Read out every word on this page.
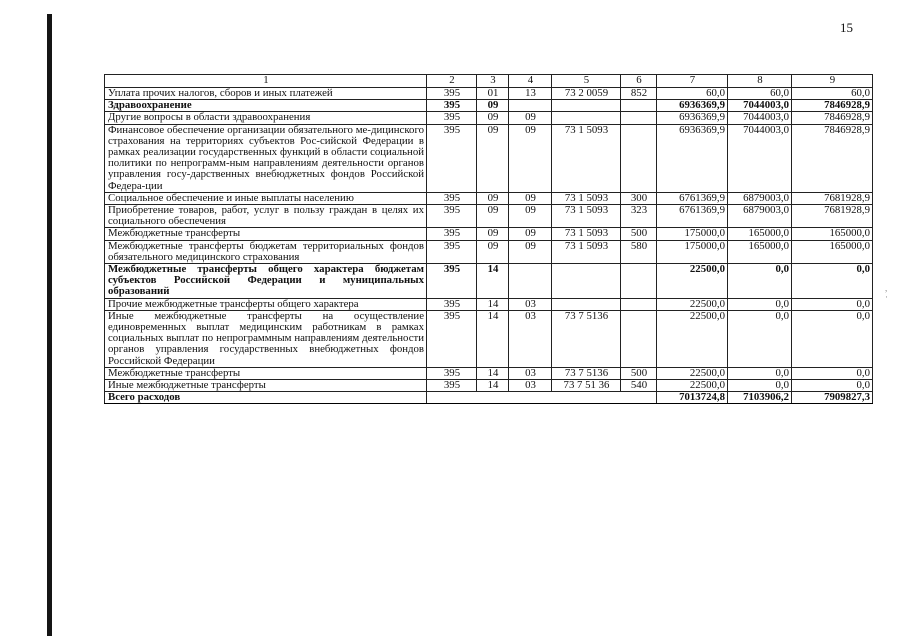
15
,
·
1	2	3	4	5	6	7	8	9
Уплата прочих налогов, сборов и иных платежей	395	01	13	73 2 0059	852	60,0	60,0	60,0
Здравоохранение	395	09				6936369,9	7044003,0	7846928,9
Другие вопросы в области здравоохранения	395	09	09			6936369,9	7044003,0	7846928,9
Финансовое обеспечение организации обязательного ме-дицинского страхования на территориях субъектов Рос-сийской Федерации в рамках реализации государственных функций в области социальной политики по непрограмм-ным направлениям деятельности органов управления госу-дарственных внебюджетных фондов Российской Федера-ции	395	09	09	73 1 5093		6936369,9	7044003,0	7846928,9
Социальное обеспечение и иные выплаты населению	395	09	09	73 1 5093	300	6761369,9	6879003,0	7681928,9
Приобретение товаров, работ, услуг в пользу граждан в целях их социального обеспечения	395	09	09	73 1 5093	323	6761369,9	6879003,0	7681928,9
Межбюджетные трансферты	395	09	09	73 1 5093	500	175000,0	165000,0	165000,0
Межбюджетные трансферты бюджетам территориальных фондов обязательного медицинского страхования	395	09	09	73 1 5093	580	175000,0	165000,0	165000,0
Межбюджетные трансферты общего характера бюджетам субъектов Российской Федерации и муниципальных образований	395	14				22500,0	0,0	0,0
Прочие межбюджетные трансферты общего характера	395	14	03			22500,0	0,0	0,0
Иные межбюджетные трансферты на осуществление единовременных выплат медицинским работникам в рамках социальных выплат по непрограммным направлениям деятельности органов управления государственных внебюджетных фондов Российской Федерации	395	14	03	73 7 5136		22500,0	0,0	0,0
Межбюджетные трансферты	395	14	03	73 7 5136	500	22500,0	0,0	0,0
Иные межбюджетные трансферты	395	14	03	73 7 51 36	540	22500,0	0,0	0,0
Всего расходов						7013724,8	7103906,2	7909827,3
